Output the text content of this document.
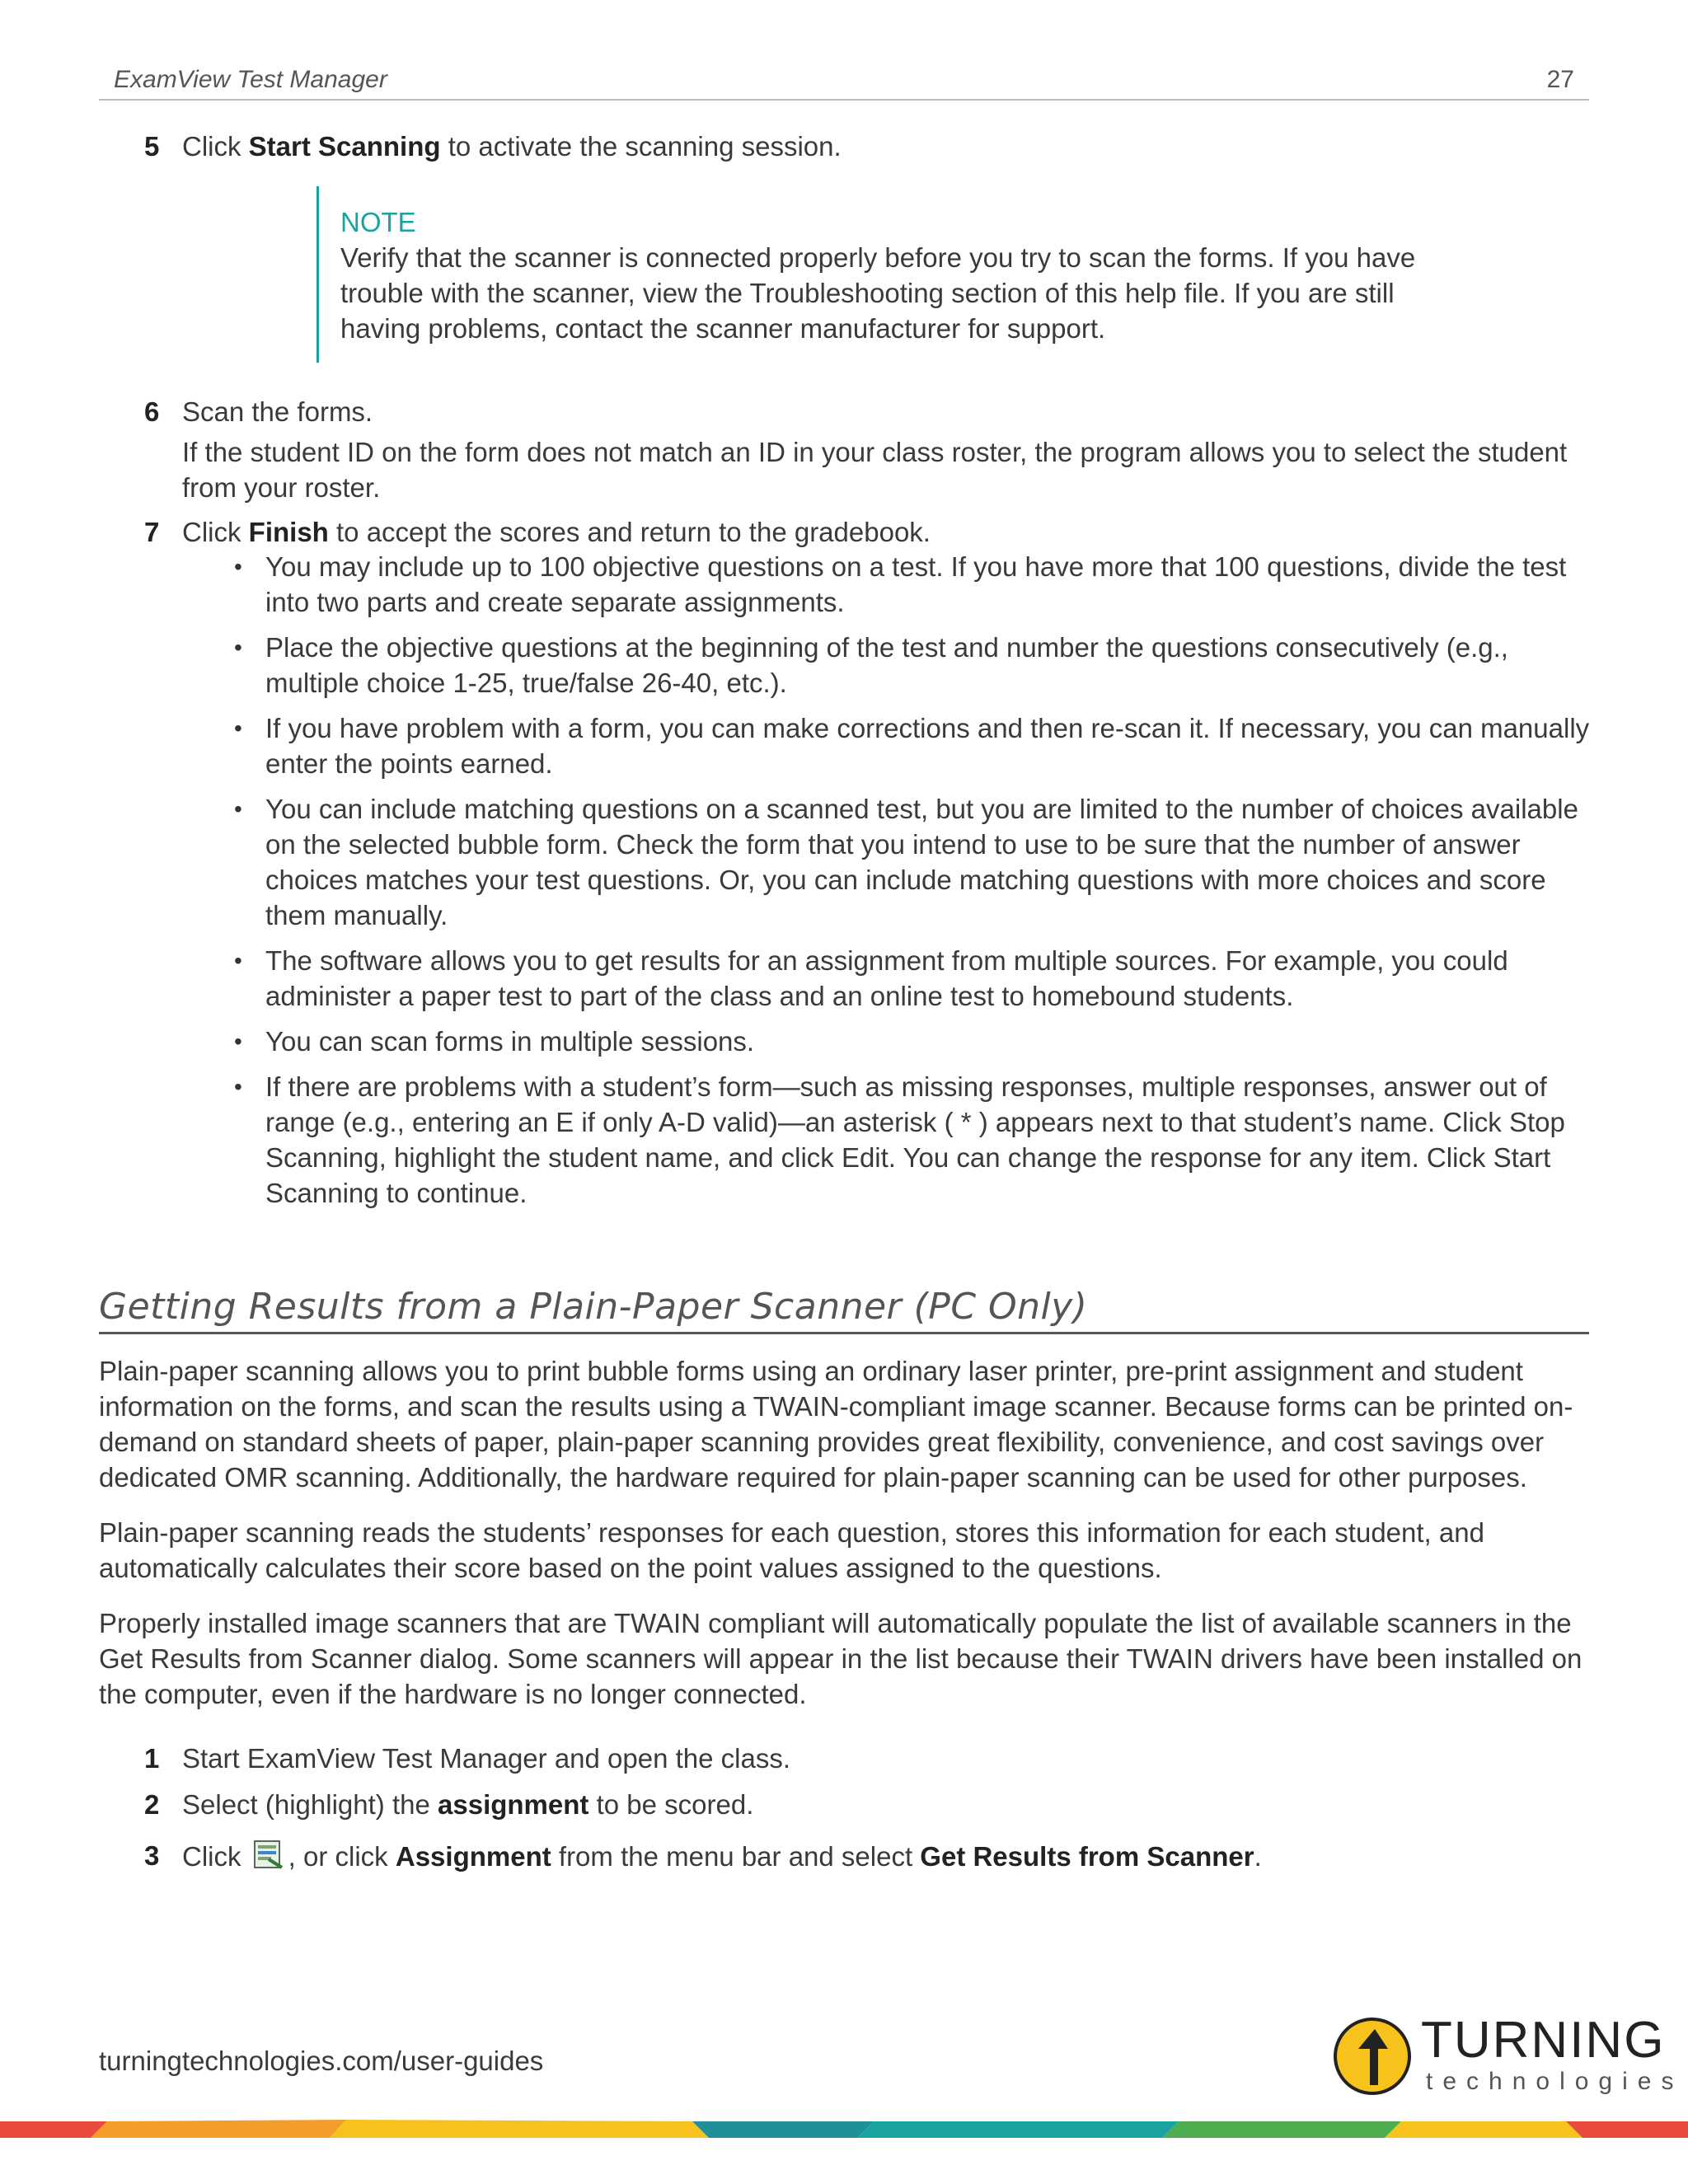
ExamView Test Manager	27
5 Click Start Scanning to activate the scanning session.
NOTE
Verify that the scanner is connected properly before you try to scan the forms. If you have trouble with the scanner, view the Troubleshooting section of this help file. If you are still having problems, contact the scanner manufacturer for support.
6 Scan the forms.
If the student ID on the form does not match an ID in your class roster, the program allows you to select the student from your roster.
7 Click Finish to accept the scores and return to the gradebook.
• You may include up to 100 objective questions on a test. If you have more that 100 questions, divide the test into two parts and create separate assignments.
• Place the objective questions at the beginning of the test and number the questions consecutively (e.g., multiple choice 1-25, true/false 26-40, etc.).
• If you have problem with a form, you can make corrections and then re-scan it. If necessary, you can manually enter the points earned.
• You can include matching questions on a scanned test, but you are limited to the number of choices available on the selected bubble form. Check the form that you intend to use to be sure that the number of answer choices matches your test questions. Or, you can include matching questions with more choices and score them manually.
• The software allows you to get results for an assignment from multiple sources. For example, you could administer a paper test to part of the class and an online test to homebound students.
• You can scan forms in multiple sessions.
• If there are problems with a student’s form—such as missing responses, multiple responses, answer out of range (e.g., entering an E if only A-D valid)—an asterisk ( * ) appears next to that student’s name. Click Stop Scanning, highlight the student name, and click Edit. You can change the response for any item. Click Start Scanning to continue.
Getting Results from a Plain-Paper Scanner (PC Only)

Plain-paper scanning allows you to print bubble forms using an ordinary laser printer, pre-print assignment and student information on the forms, and scan the results using a TWAIN-compliant image scanner. Because forms can be printed on-demand on standard sheets of paper, plain-paper scanning provides great flexibility, convenience, and cost savings over dedicated OMR scanning. Additionally, the hardware required for plain-paper scanning can be used for other purposes.

Plain-paper scanning reads the students’ responses for each question, stores this information for each student, and automatically calculates their score based on the point values assigned to the questions.

Properly installed image scanners that are TWAIN compliant will automatically populate the list of available scanners in the Get Results from Scanner dialog. Some scanners will appear in the list because their TWAIN drivers have been installed on the computer, even if the hardware is no longer connected.

1 Start ExamView Test Manager and open the class.
2 Select (highlight) the assignment to be scored.
3 Click , or click Assignment from the menu bar and select Get Results from Scanner.
turningtechnologies.com/user-guides	TURNING
technologies
